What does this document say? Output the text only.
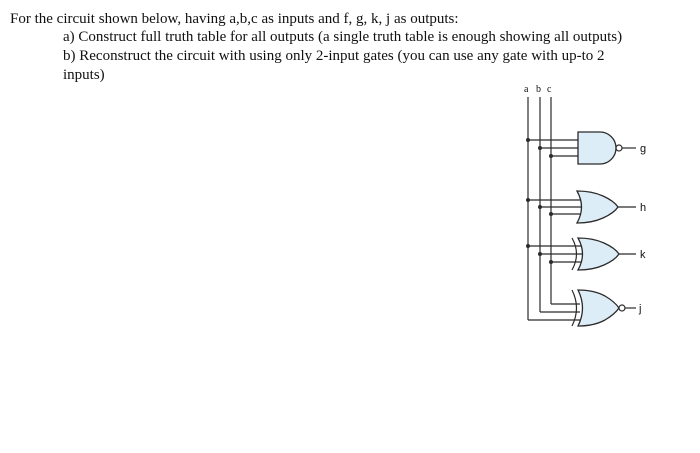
For the circuit shown below, having a,b,c as inputs and f, g, k, j as outputs:
a) Construct full truth table for all outputs (a single truth table is enough showing all outputs)
b) Reconstruct the circuit with using only 2-input gates (you can use any gate with up-to 2
inputs)
a b c
g
h
k
j
